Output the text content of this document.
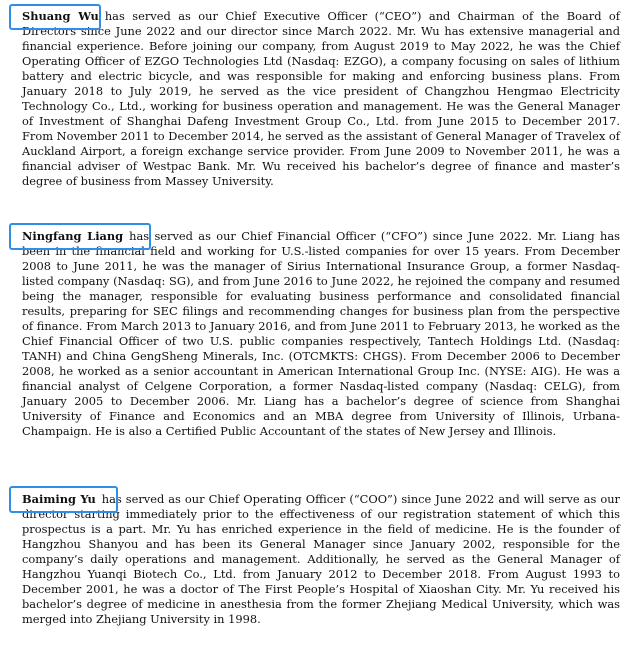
Shuang Wu has served as our Chief Executive Officer (“CEO”) and Chairman of the Board of Directors since June 2022 and our director since March 2022. Mr. Wu has extensive managerial and financial experience. Before joining our company, from August 2019 to May 2022, he was the Chief Operating Officer of EZGO Technologies Ltd (Nasdaq: EZGO), a company focusing on sales of lithium battery and electric bicycle, and was responsible for making and enforcing business plans. From January 2018 to July 2019, he served as the vice president of Changzhou Hengmao Electricity Technology Co., Ltd., working for business operation and management. He was the General Manager of Investment of Shanghai Dafeng Investment Group Co., Ltd. from June 2015 to December 2017. From November 2011 to December 2014, he served as the assistant of General Manager of Travelex of Auckland Airport, a foreign exchange service provider. From June 2009 to November 2011, he was a financial adviser of Westpac Bank. Mr. Wu received his bachelor’s degree of finance and master’s degree of business from Massey University.

Ningfang Liang has served as our Chief Financial Officer (“CFO”) since June 2022. Mr. Liang has been in the financial field and working for U.S.-listed companies for over 15 years. From December 2008 to June 2011, he was the manager of Sirius International Insurance Group, a former Nasdaq-listed company (Nasdaq: SG), and from June 2016 to June 2022, he rejoined the company and resumed being the manager, responsible for evaluating business performance and consolidated financial results, preparing for SEC filings and recommending changes for business plan from the perspective of finance. From March 2013 to January 2016, and from June 2011 to February 2013, he worked as the Chief Financial Officer of two U.S. public companies respectively, Tantech Holdings Ltd. (Nasdaq: TANH) and China GengSheng Minerals, Inc. (OTCMKTS: CHGS). From December 2006 to December 2008, he worked as a senior accountant in American International Group Inc. (NYSE: AIG). He was a financial analyst of Celgene Corporation, a former Nasdaq-listed company (Nasdaq: CELG), from January 2005 to December 2006. Mr. Liang has a bachelor’s degree of science from Shanghai University of Finance and Economics and an MBA degree from University of Illinois, Urbana-Champaign. He is also a Certified Public Accountant of the states of New Jersey and Illinois.

Baiming Yu has served as our Chief Operating Officer (“COO”) since June 2022 and will serve as our director starting immediately prior to the effectiveness of our registration statement of which this prospectus is a part. Mr. Yu has enriched experience in the field of medicine. He is the founder of Hangzhou Shanyou and has been its General Manager since January 2002, responsible for the company’s daily operations and management. Additionally, he served as the General Manager of Hangzhou Yuanqi Biotech Co., Ltd. from January 2012 to December 2018. From August 1993 to December 2001, he was a doctor of The First People’s Hospital of Xiaoshan City. Mr. Yu received his bachelor’s degree of medicine in anesthesia from the former Zhejiang Medical University, which was merged into Zhejiang University in 1998.
